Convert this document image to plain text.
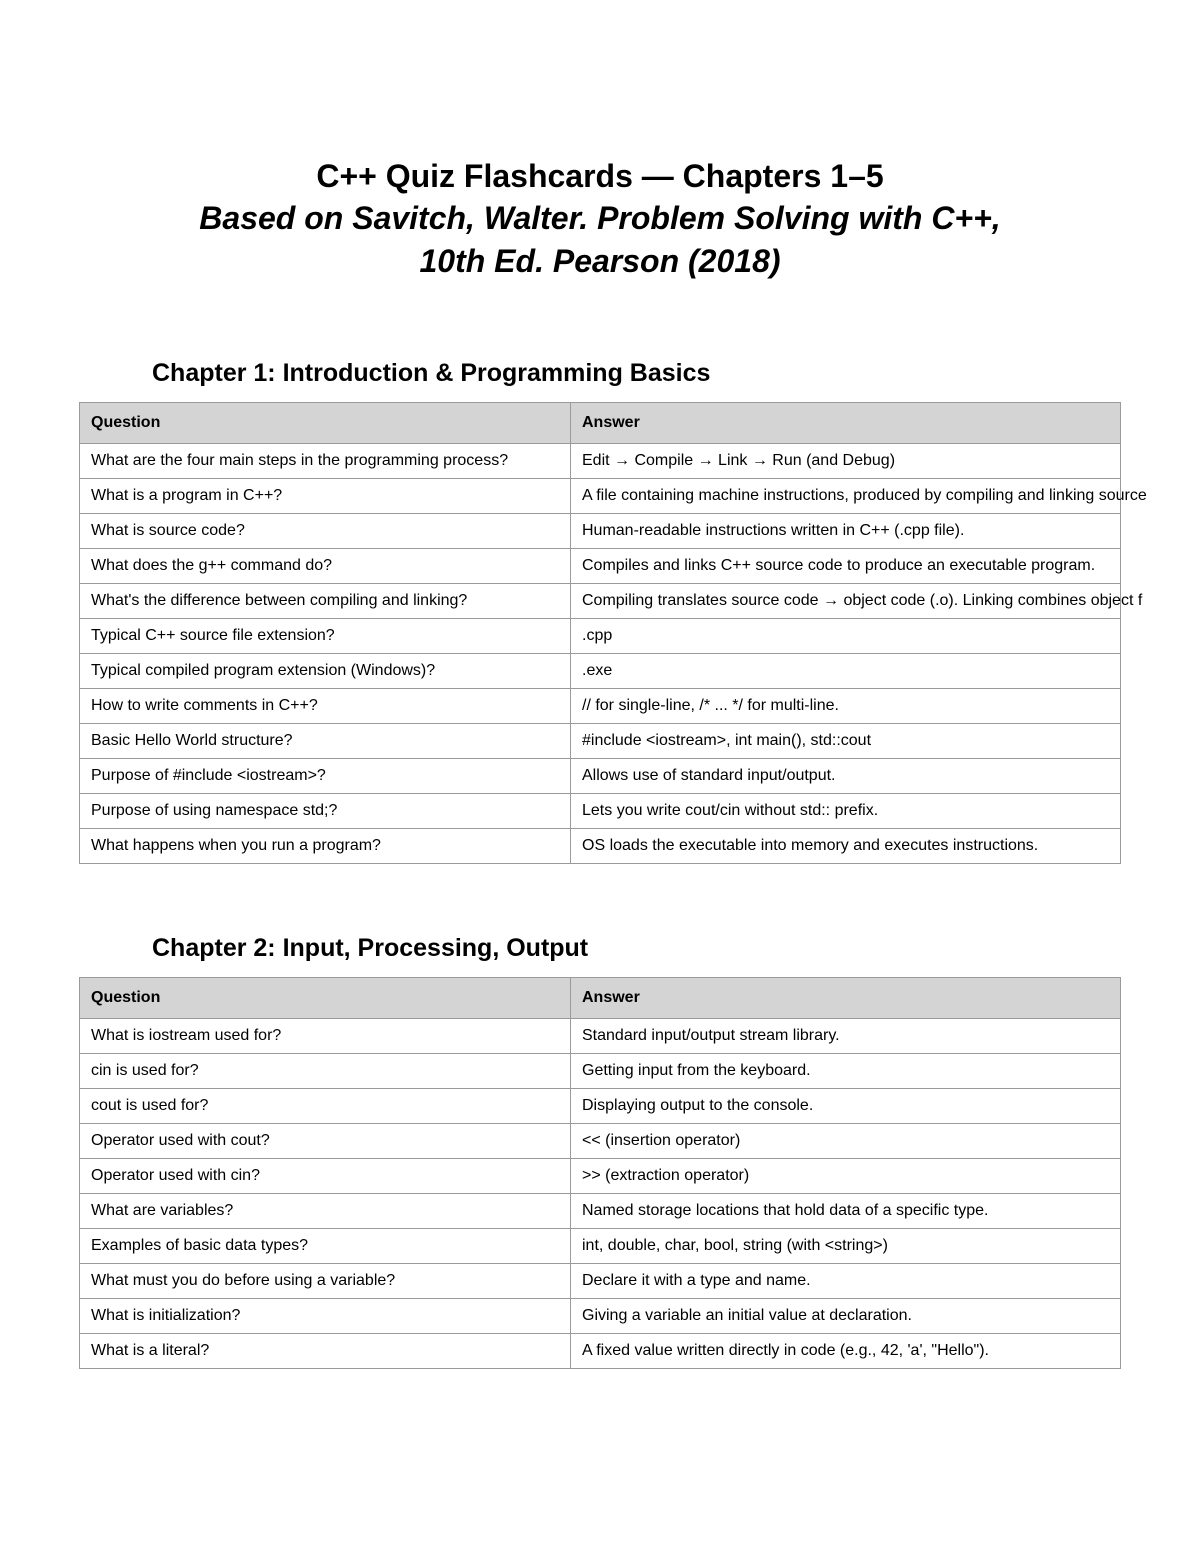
C++ Quiz Flashcards — Chapters 1–5
Based on Savitch, Walter. Problem Solving with C++,
10th Ed. Pearson (2018)
Chapter 1: Introduction & Programming Basics
Question	Answer
What are the four main steps in the programming process?	Edit → Compile → Link → Run (and Debug)
What is a program in C++?	A file containing machine instructions, produced by compiling and linking source
What is source code?	Human-readable instructions written in C++ (.cpp file).
What does the g++ command do?	Compiles and links C++ source code to produce an executable program.
What's the difference between compiling and linking?	Compiling translates source code → object code (.o). Linking combines object f
Typical C++ source file extension?	.cpp
Typical compiled program extension (Windows)?	.exe
How to write comments in C++?	// for single-line, /* ... */ for multi-line.
Basic Hello World structure?	#include <iostream>, int main(), std::cout
Purpose of #include <iostream>?	Allows use of standard input/output.
Purpose of using namespace std;?	Lets you write cout/cin without std:: prefix.
What happens when you run a program?	OS loads the executable into memory and executes instructions.
Chapter 2: Input, Processing, Output
Question	Answer
What is iostream used for?	Standard input/output stream library.
cin is used for?	Getting input from the keyboard.
cout is used for?	Displaying output to the console.
Operator used with cout?	<< (insertion operator)
Operator used with cin?	>> (extraction operator)
What are variables?	Named storage locations that hold data of a specific type.
Examples of basic data types?	int, double, char, bool, string (with <string>)
What must you do before using a variable?	Declare it with a type and name.
What is initialization?	Giving a variable an initial value at declaration.
What is a literal?	A fixed value written directly in code (e.g., 42, 'a', "Hello").
